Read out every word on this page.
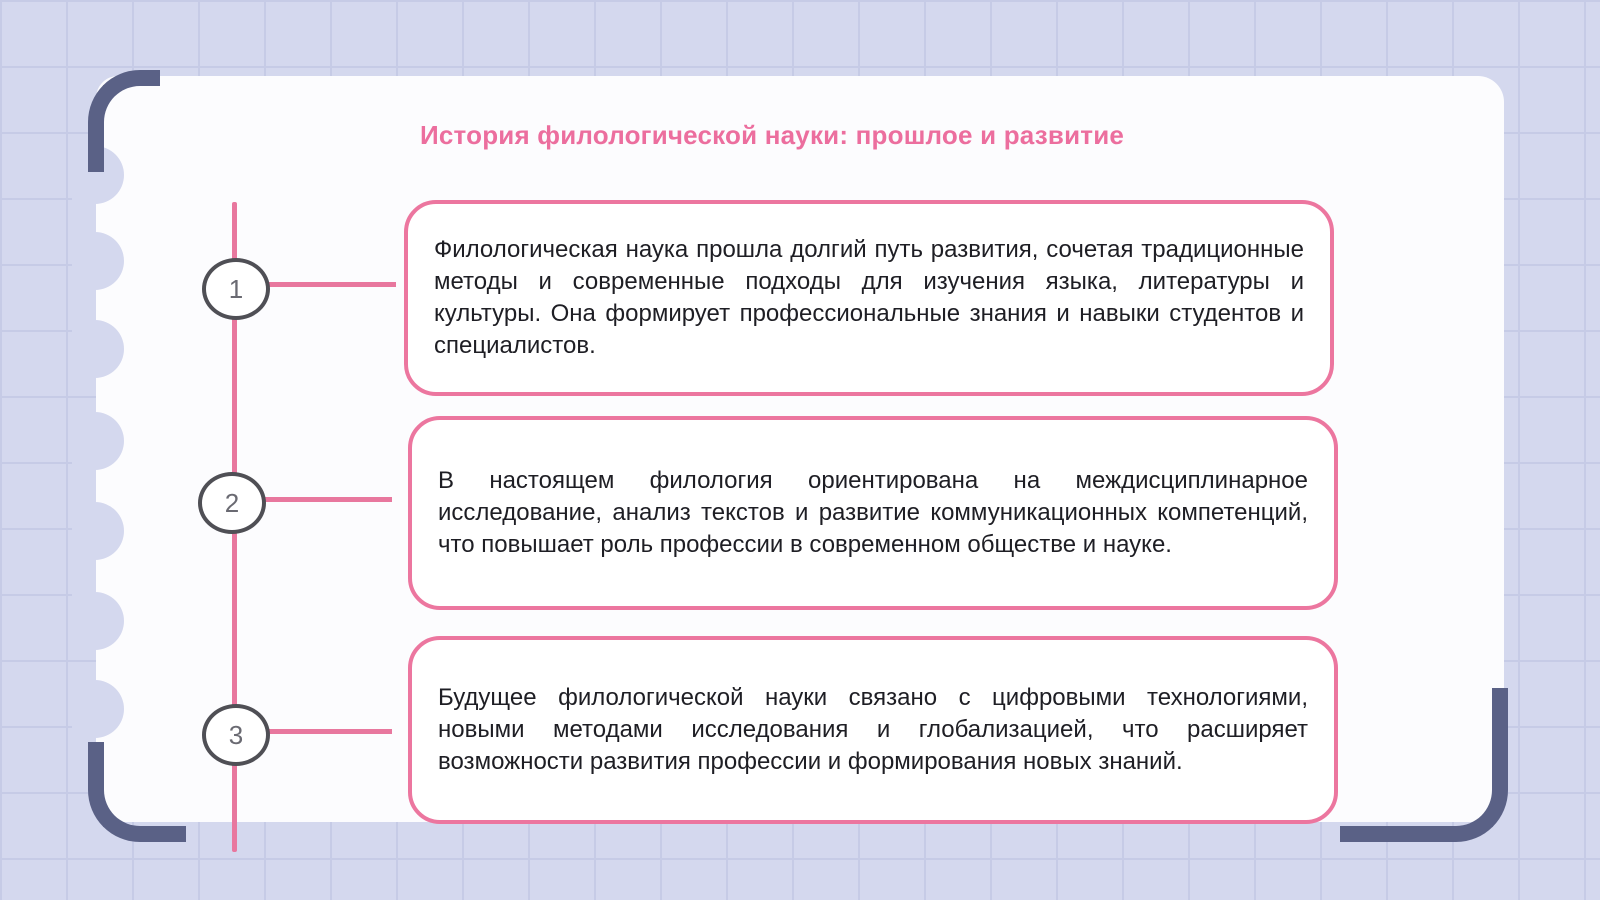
История филологической науки: прошлое и развитие
1

Филологическая наука прошла долгий путь развития, сочетая традиционные методы и современные подходы для изучения языка, литературы и культуры. Она формирует профессиональные знания и навыки студентов и специалистов.

2

В настоящем филология ориентирована на междисциплинарное исследование, анализ текстов и развитие коммуникационных компетенций, что повышает роль профессии в современном обществе и науке.

3

Будущее филологической науки связано с цифровыми технологиями, новыми методами исследования и глобализацией, что расширяет возможности развития профессии и формирования новых знаний.
